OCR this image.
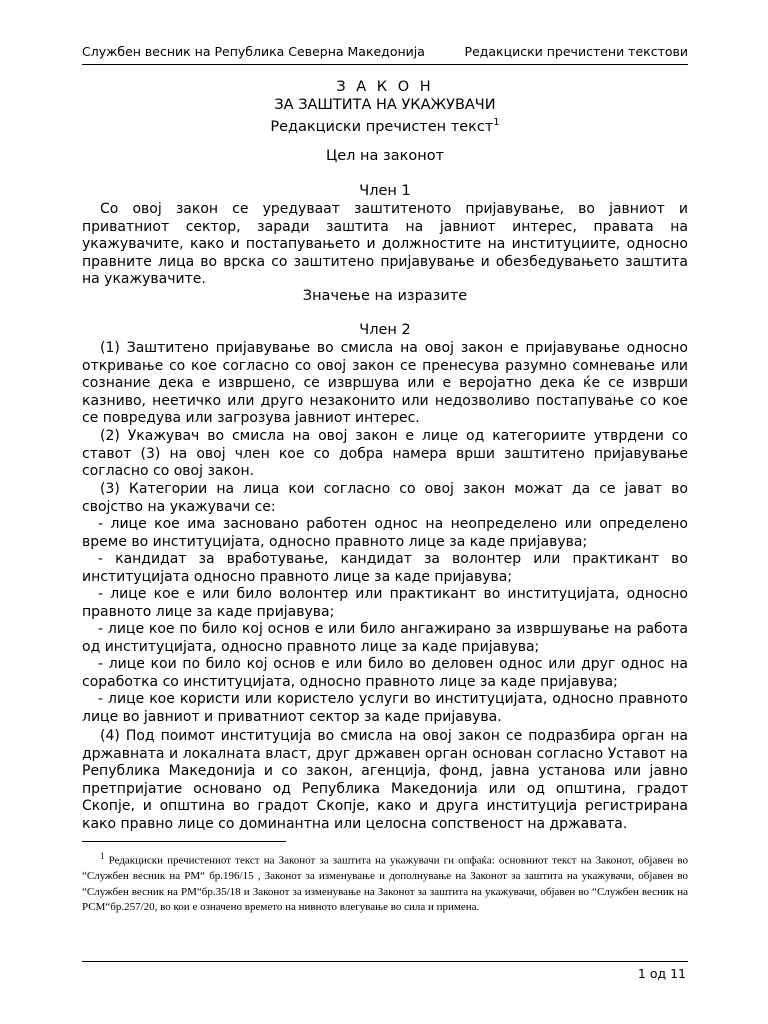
Службен весник на Република Северна Македонија	Редакциски пречистени текстови
З А К О Н
ЗА ЗАШТИТА НА УКАЖУВАЧИ
Редакциски пречистен текст$^1$
Цел на законот
Член 1

Со овој закон се уредуваат заштитеното пријавување, во јавниот и приватниот сектор, заради заштита на јавниот интерес, правата на укажувачите, како и постапувањето и должностите на институциите, односно правните лица во врска со заштитено пријавување и обезбедувањето заштита на укажувачите.

Значење на изразите
Член 2

(1) Заштитено пријавување во смисла на овој закон е пријавување односно откривање со кое согласно со овој закон се пренесува разумно сомневање или сознание дека е извршено, се извршува или е веројатно дека ќе се изврши казниво, неетичко или друго незаконито или недозволиво постапување со кое се повредува или загрозува јавниот интерес.

(2) Укажувач во смисла на овој закон е лице од категориите утврдени со ставот (3) на овој член кое со добра намера врши заштитено пријавување согласно со овој закон.

(3) Категории на лица кои согласно со овој закон можат да се јават во својство на укажувачи се:

- лице кое има засновано работен однос на неопределено или определено време во институцијата, односно правното лице за каде пријавува;

- кандидат за вработување, кандидат за волонтер или практикант во институцијата односно правното лице за каде пријавува;

- лице кое е или било волонтер или практикант во институцијата, односно правното лице за каде пријавува;

- лице кое по било кој основ е или било ангажирано за извршување на работа од институцијата, односно правното лице за каде пријавува;

- лице кои по било кој основ е или било во деловен однос или друг однос на соработка со институцијата, односно правното лице за каде пријавува;

- лице кое користи или користело услуги во институцијата, односно правното лице во јавниот и приватниот сектор за каде пријавува.

(4) Под поимот институција во смисла на овој закон се подразбира орган на државната и локалната власт, друг државен орган основан согласно Уставот на Република Македонија и со закон, агенција, фонд, јавна установа или јавно претпријатие основано од Република Македонија или од општина, градот Скопје, и општина во градот Скопје, како и друга институција регистрирана како правно лице со доминантна или целосна сопственост на државата.

$^1$ Редакциски пречистениот текст на Законот за заштита на укажувачи ги опфаќа: основниот текст на Законот, објавен во “Службен весник на РМ“ бр.196/15 , Законот за изменување и дополнување на Законот за заштита на укажувачи, објавен во “Службен весник на РМ“бр.35/18 и Законот за изменување на Законот за заштита на укажувачи, објавен во “Службен весник на РСМ“бр.257/20, во кои е означено времето на нивното влегување во сила и примена.

1 од 11
